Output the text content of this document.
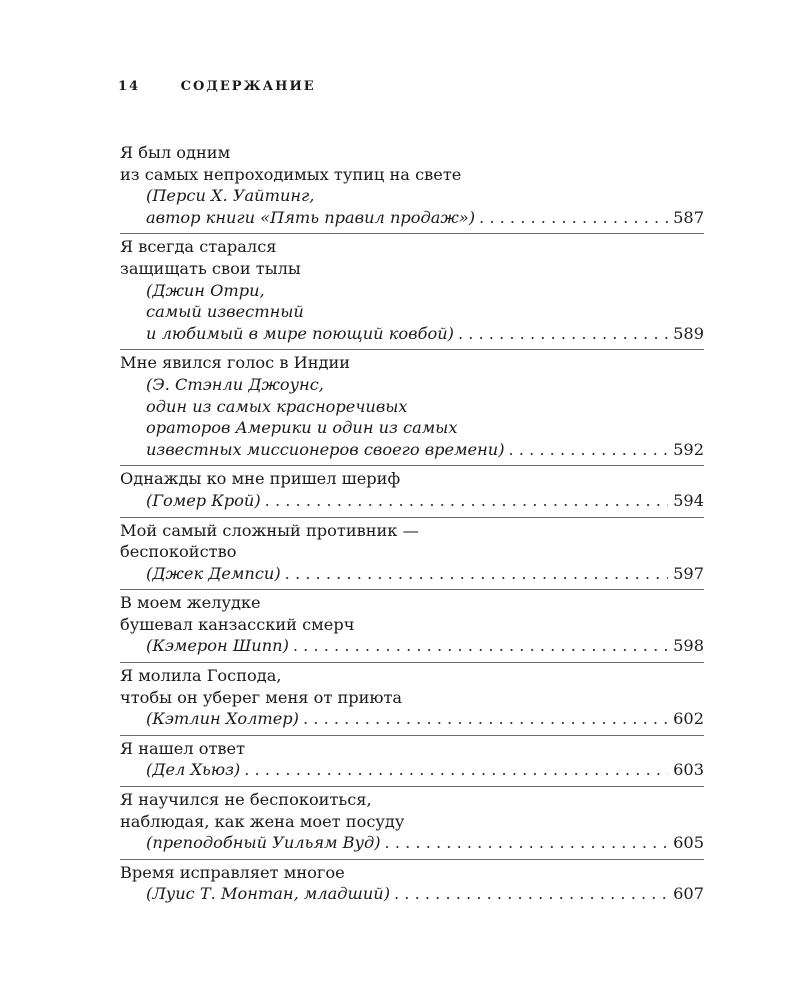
14	СОДЕРЖАНИЕ
Я был одним
из самых непроходимых тупиц на свете
(Перси Х. Уайтинг,
автор книги «Пять правил продаж») . . .	587
Я всегда старался
защищать свои тылы
(Джин Отри,
самый известный
и любимый в мире поющий ковбой) . . .	589
Мне явился голос в Индии
(Э. Стэнли Джоунс,
один из самых красноречивых
ораторов Америки и один из самых
известных миссионеров своего времени) . . .	592
Однажды ко мне пришел шериф
(Гомер Крой) . . .	594
Мой самый сложный противник —
беспокойство
(Джек Демпси) . . .	597
В моем желудке
бушевал канзасский смерч
(Кэмерон Шипп) . . .	598
Я молила Господа,
чтобы он уберег меня от приюта
(Кэтлин Холтер) . . .	602
Я нашел ответ
(Дел Хьюз) . . .	603
Я научился не беспокоиться,
наблюдая, как жена моет посуду
(преподобный Уильям Вуд) . . .	605
Время исправляет многое
(Луис Т. Монтан, младший) . . .	607
